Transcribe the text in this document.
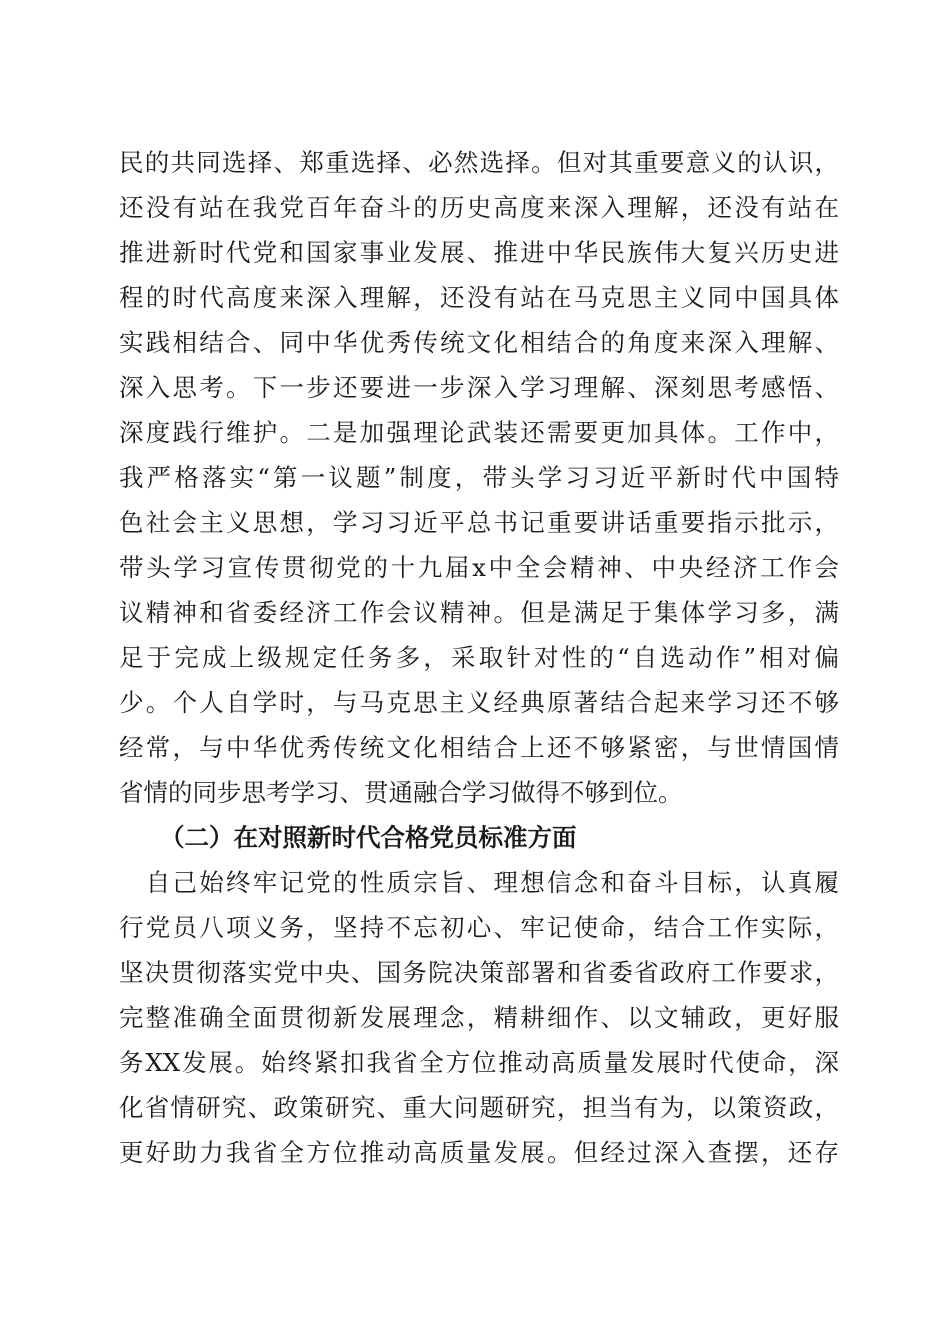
民的共同选择、郑重选择、必然选择。但对其重要意义的认识，
还没有站在我党百年奋斗的历史高度来深入理解，还没有站在
推进新时代党和国家事业发展、推进中华民族伟大复兴历史进
程的时代高度来深入理解，还没有站在马克思主义同中国具体
实践相结合、同中华优秀传统文化相结合的角度来深入理解、
深入思考。下一步还要进一步深入学习理解、深刻思考感悟、
深度践行维护。二是加强理论武装还需要更加具体。工作中，
我严格落实“第一议题”制度，带头学习习近平新时代中国特
色社会主义思想，学习习近平总书记重要讲话重要指示批示，
带头学习宣传贯彻党的十九届x中全会精神、中央经济工作会
议精神和省委经济工作会议精神。但是满足于集体学习多，满
足于完成上级规定任务多，采取针对性的“自选动作”相对偏
少。个人自学时，与马克思主义经典原著结合起来学习还不够
经常，与中华优秀传统文化相结合上还不够紧密，与世情国情
省情的同步思考学习、贯通融合学习做得不够到位。
（二）在对照新时代合格党员标准方面
　自己始终牢记党的性质宗旨、理想信念和奋斗目标，认真履
行党员八项义务，坚持不忘初心、牢记使命，结合工作实际，
坚决贯彻落实党中央、国务院决策部署和省委省政府工作要求，
完整准确全面贯彻新发展理念，精耕细作、以文辅政，更好服
务XX发展。始终紧扣我省全方位推动高质量发展时代使命，深
化省情研究、政策研究、重大问题研究，担当有为，以策资政，
更好助力我省全方位推动高质量发展。但经过深入查摆，还存
